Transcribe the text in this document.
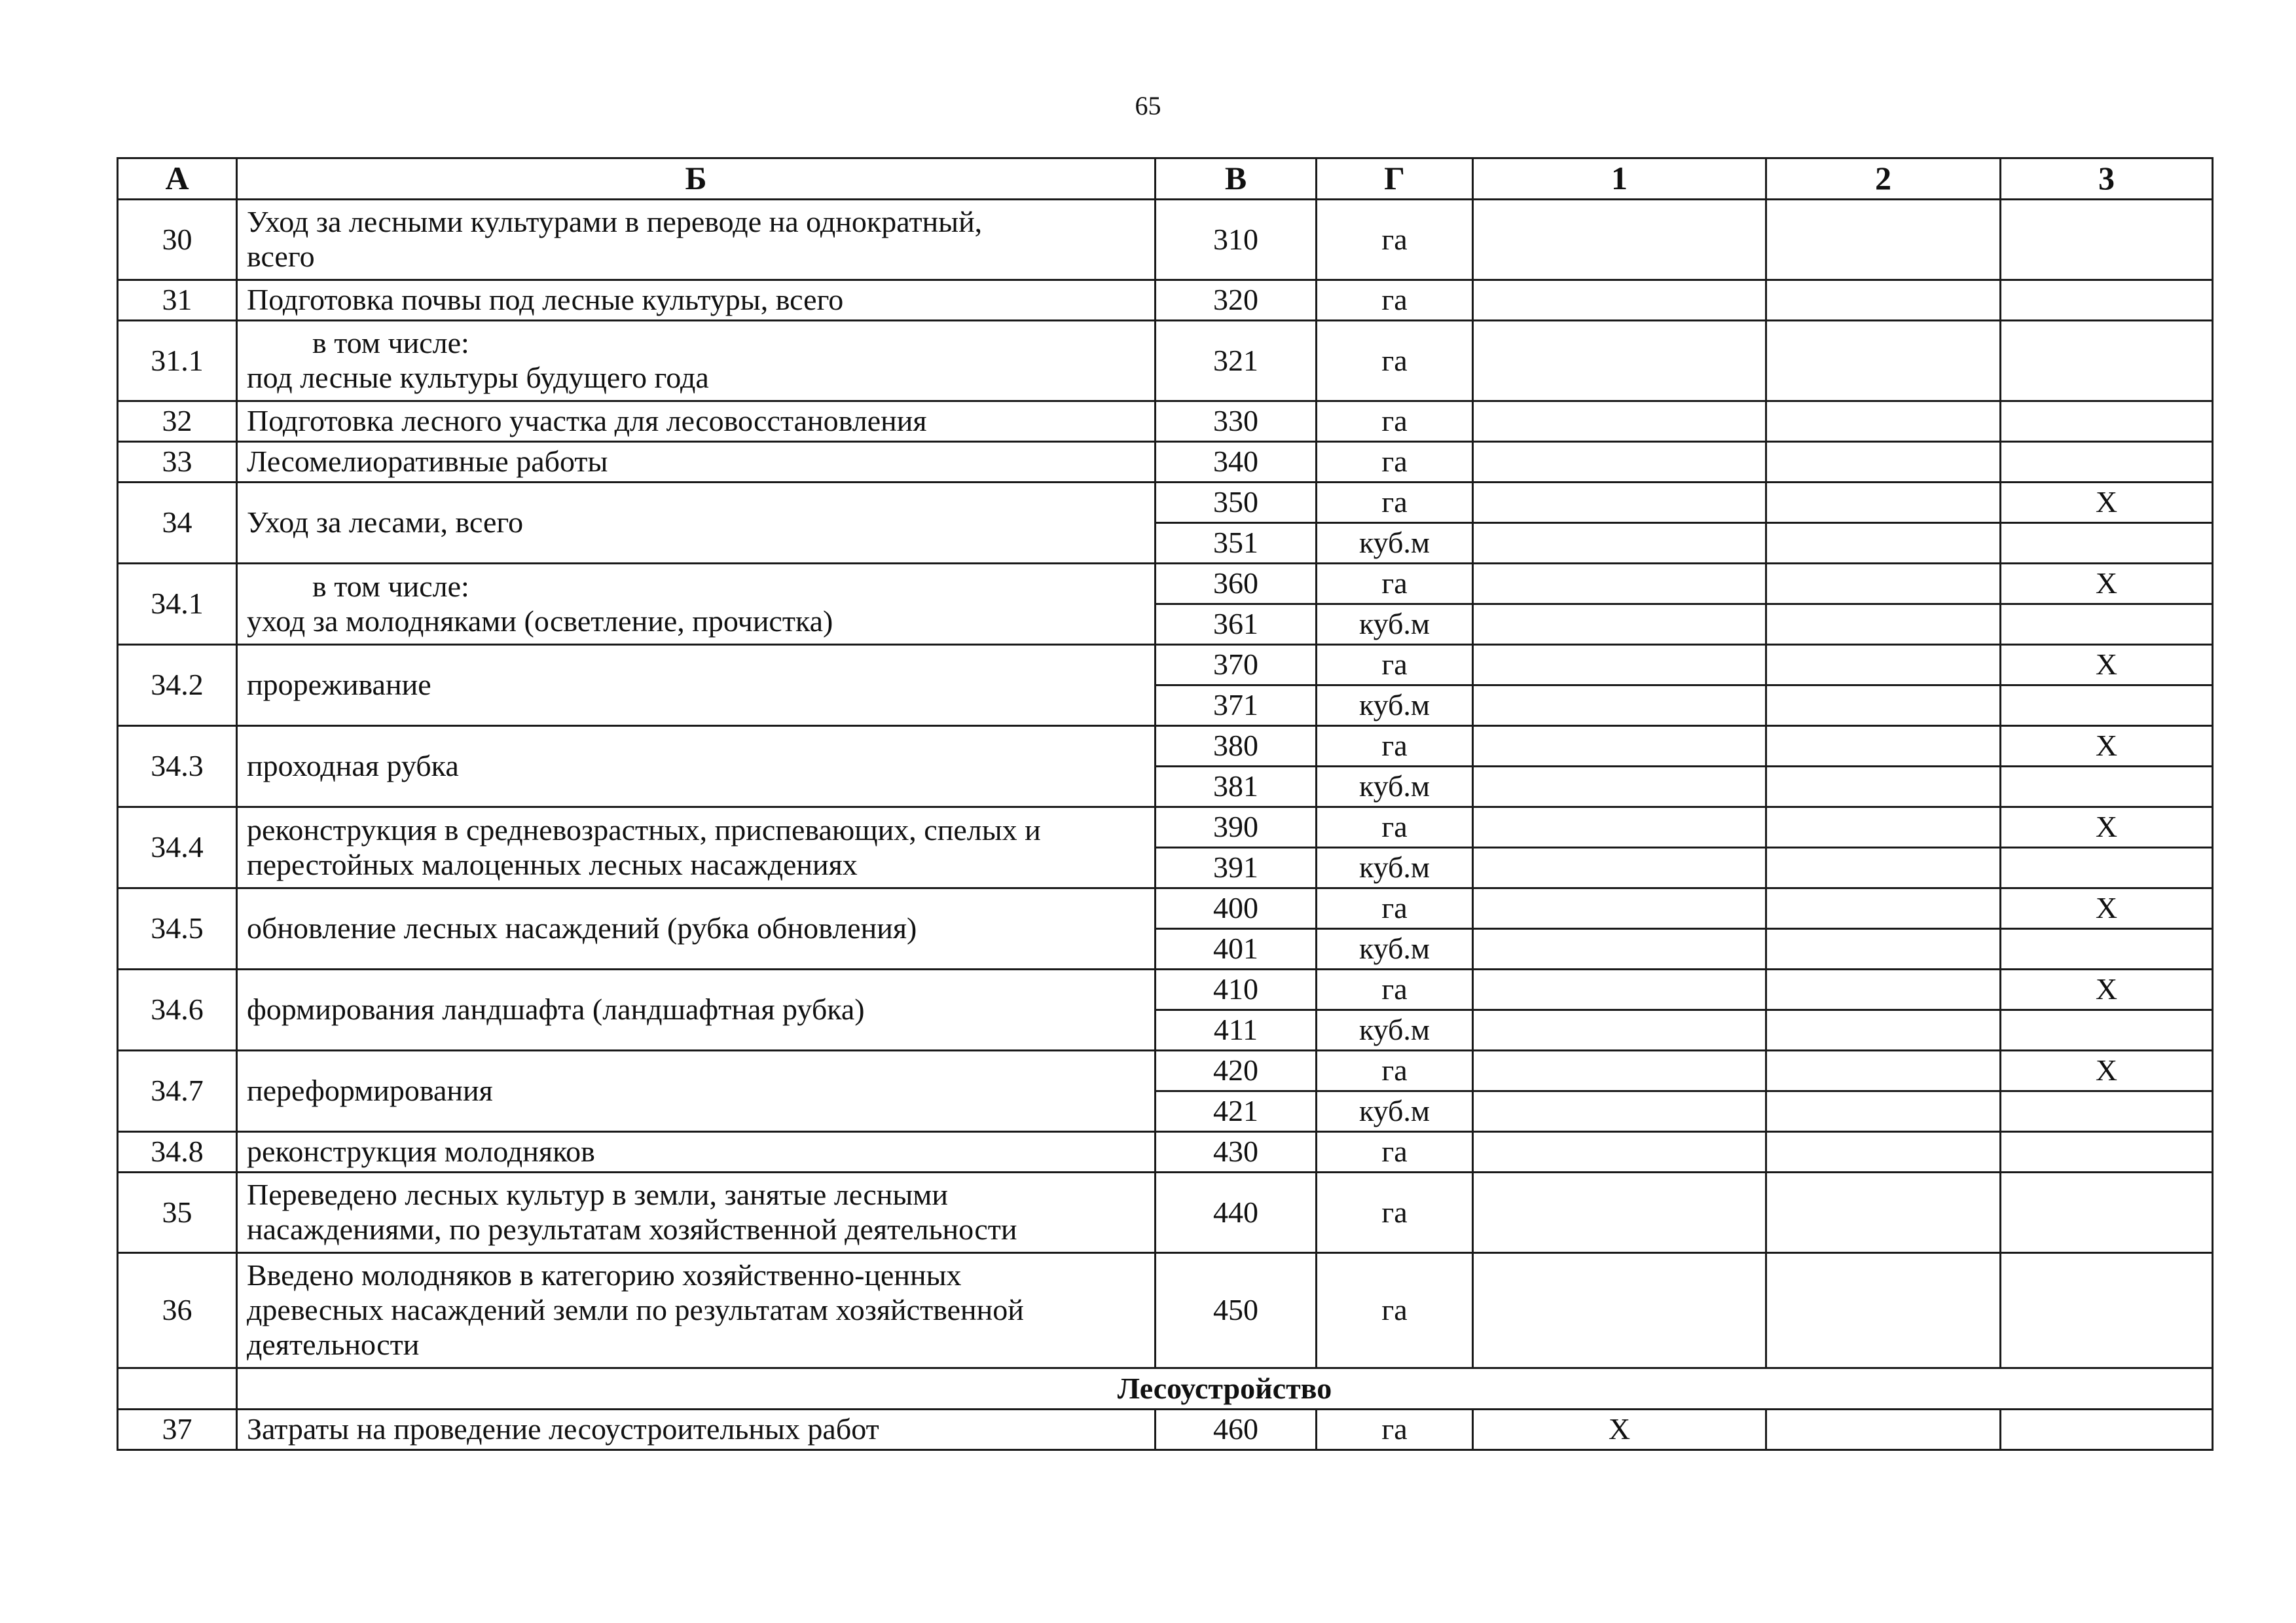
65
А	Б	В	Г	1	2	3
30	Уход за лесными культурами в переводе на однократный,
всего	310	га			
31	Подготовка почвы под лесные культуры, всего	320	га			
31.1	в том числе:
под лесные культуры будущего года	321	га			
32	Подготовка лесного участка для лесовосстановления	330	га			
33	Лесомелиоративные работы	340	га			
34	Уход за лесами, всего	350	га			Х
		351	куб.м			
34.1	в том числе:
уход за молодняками (осветление, прочистка)	360	га			Х
		361	куб.м			
34.2	прореживание	370	га			Х
		371	куб.м			
34.3	проходная рубка	380	га			Х
		381	куб.м			
34.4	реконструкция в средневозрастных, приспевающих, спелых и
перестойных малоценных лесных насаждениях	390	га			Х
		391	куб.м			
34.5	обновление лесных насаждений (рубка обновления)	400	га			Х
		401	куб.м			
34.6	формирования ландшафта (ландшафтная рубка)	410	га			Х
		411	куб.м			
34.7	переформирования	420	га			Х
		421	куб.м			
34.8	реконструкция молодняков	430	га			
35	Переведено лесных культур в земли, занятые лесными
насаждениями, по результатам хозяйственной деятельности	440	га			
36	Введено молодняков в категорию хозяйственно-ценных
древесных насаждений земли по результатам хозяйственной
деятельности	450	га			
	Лесоустройство					
37	Затраты на проведение лесоустроительных работ	460	га	Х		
